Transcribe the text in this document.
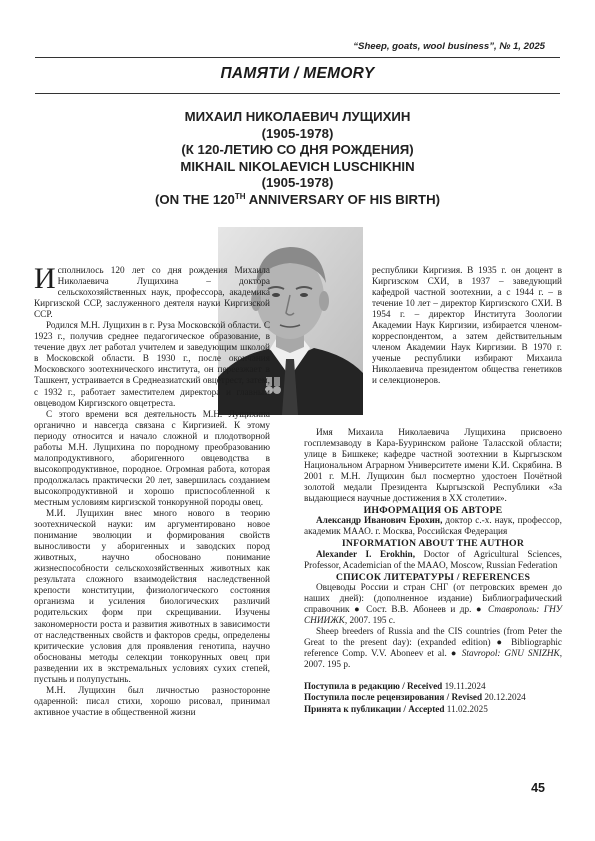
“Sheep, goats, wool business”, № 1, 2025
ПАМЯТИ / MEMORY
МИХАИЛ НИКОЛАЕВИЧ ЛУЩИХИН
(1905-1978)
(К 120-ЛЕТИЮ СО ДНЯ РОЖДЕНИЯ)
MIKHAIL NIKOLAEVICH LUSCHIKHIN
(1905-1978)
(ON THE 120TH ANNIVERSARY OF HIS BIRTH)

Исполнилось 120 лет со дня рождения Михаила Николаевича Лущихина – доктора сельскохозяйственных наук, профессора, академика Киргизской ССР, заслуженного деятеля науки Киргизской ССР.

Родился М.Н. Лущихин в г. Руза Московской области. С 1923 г., получив среднее педагогическое образование, в течение двух лет работал учителем и заведующим школой в Московской области. В 1930 г., после окончания Московского зоотехнического института, он переезжает в Ташкент, устраивается в Среднеазиатский овцетрест, затем, с 1932 г., работает заместителем директора и главным овцеводом Киргизского овцетреста.

С этого времени вся деятельность М.Н. Лущихина органично и навсегда связана с Киргизией. К этому периоду относится и начало сложной и плодотворной работы М.Н. Лущихина по породному преобразованию малопродуктивного, аборигенного овцеводства в высокопродуктивное, породное. Огромная работа, которая продолжалась практически 20 лет, завершилась созданием высокопродуктивной и хорошо приспособленной к местным условиям киргизской тонкорунной породы овец.

М.И. Лущихин внес много нового в теорию зоотехнической науки: им аргументировано новое понимание эволюции и формирования свойств выносливости у аборигенных и заводских пород животных, научно обосновано понимание жизнеспособности сельскохозяйственных животных как результата сложного взаимодействия наследственной крепости конституции, физиологического состояния организма и усиления биологических различий родительских форм при скрещивании. Изучены закономерности роста и развития животных в зависимости от наследственных свойств и факторов среды, определены критические условия для проявления генотипа, научно обоснованы методы селекции тонкорунных овец при разведении их в экстремальных условиях сухих степей, пустынь и полупустынь.

М.Н. Лущихин был личностью разносторонне одаренной: писал стихи, хорошо рисовал, принимал активное участие в общественной жизни

республики Киргизия. В 1935 г. он доцент в Киргизском СХИ, в 1937 – заведующий кафедрой частной зоотехнии, а с 1944 г. – в течение 10 лет – директор Киргизского СХИ. В 1954 г. – директор Института Зоологии Академии Наук Киргизии, избирается членом-корреспондентом, а затем действительным членом Академии Наук Киргизии. В 1970 г. ученые республики избирают Михаила Николаевича президентом общества генетиков и селекционеров.

Имя Михаила Николаевича Лущихина присвоено госплемзаводу в Кара-Бууринском районе Таласской области; улице в Бишкеке; кафедре частной зоотехнии в Кыргызском Национальном Аграрном Университете имени К.И. Скрябина. В 2001 г. М.Н. Лущихин был посмертно удостоен Почётной золотой медали Президента Кыргызской Республики «За выдающиеся научные достижения в XX столетии».

ИНФОРМАЦИЯ ОБ АВТОРЕ

Александр Иванович Ерохин, доктор с.-х. наук, профессор, академик МААО. г. Москва, Российская Федерация

INFORMATION ABOUT THE AUTHOR

Alexander I. Erokhin, Doctor of Agricultural Sciences, Professor, Academician of the MAAO, Moscow, Russian Federation

СПИСОК ЛИТЕРАТУРЫ / REFERENCES

Овцеводы России и стран СНГ (от петровских времен до наших дней): (дополненное издание) Библиографический справочник ● Сост. В.В. Абонеев и др. ● Ставрополь: ГНУ СНИИЖК, 2007. 195 с.

Sheep breeders of Russia and the CIS countries (from Peter the Great to the present day): (expanded edition) ● Bibliographic reference Comp. V.V. Aboneev et al. ● Stavropol: GNU SNIZHK, 2007. 195 p.

Поступила в редакцию / Received 19.11.2024
Поступила после рецензирования / Revised 20.12.2024
Принята к публикации / Accepted 11.02.2025
45
